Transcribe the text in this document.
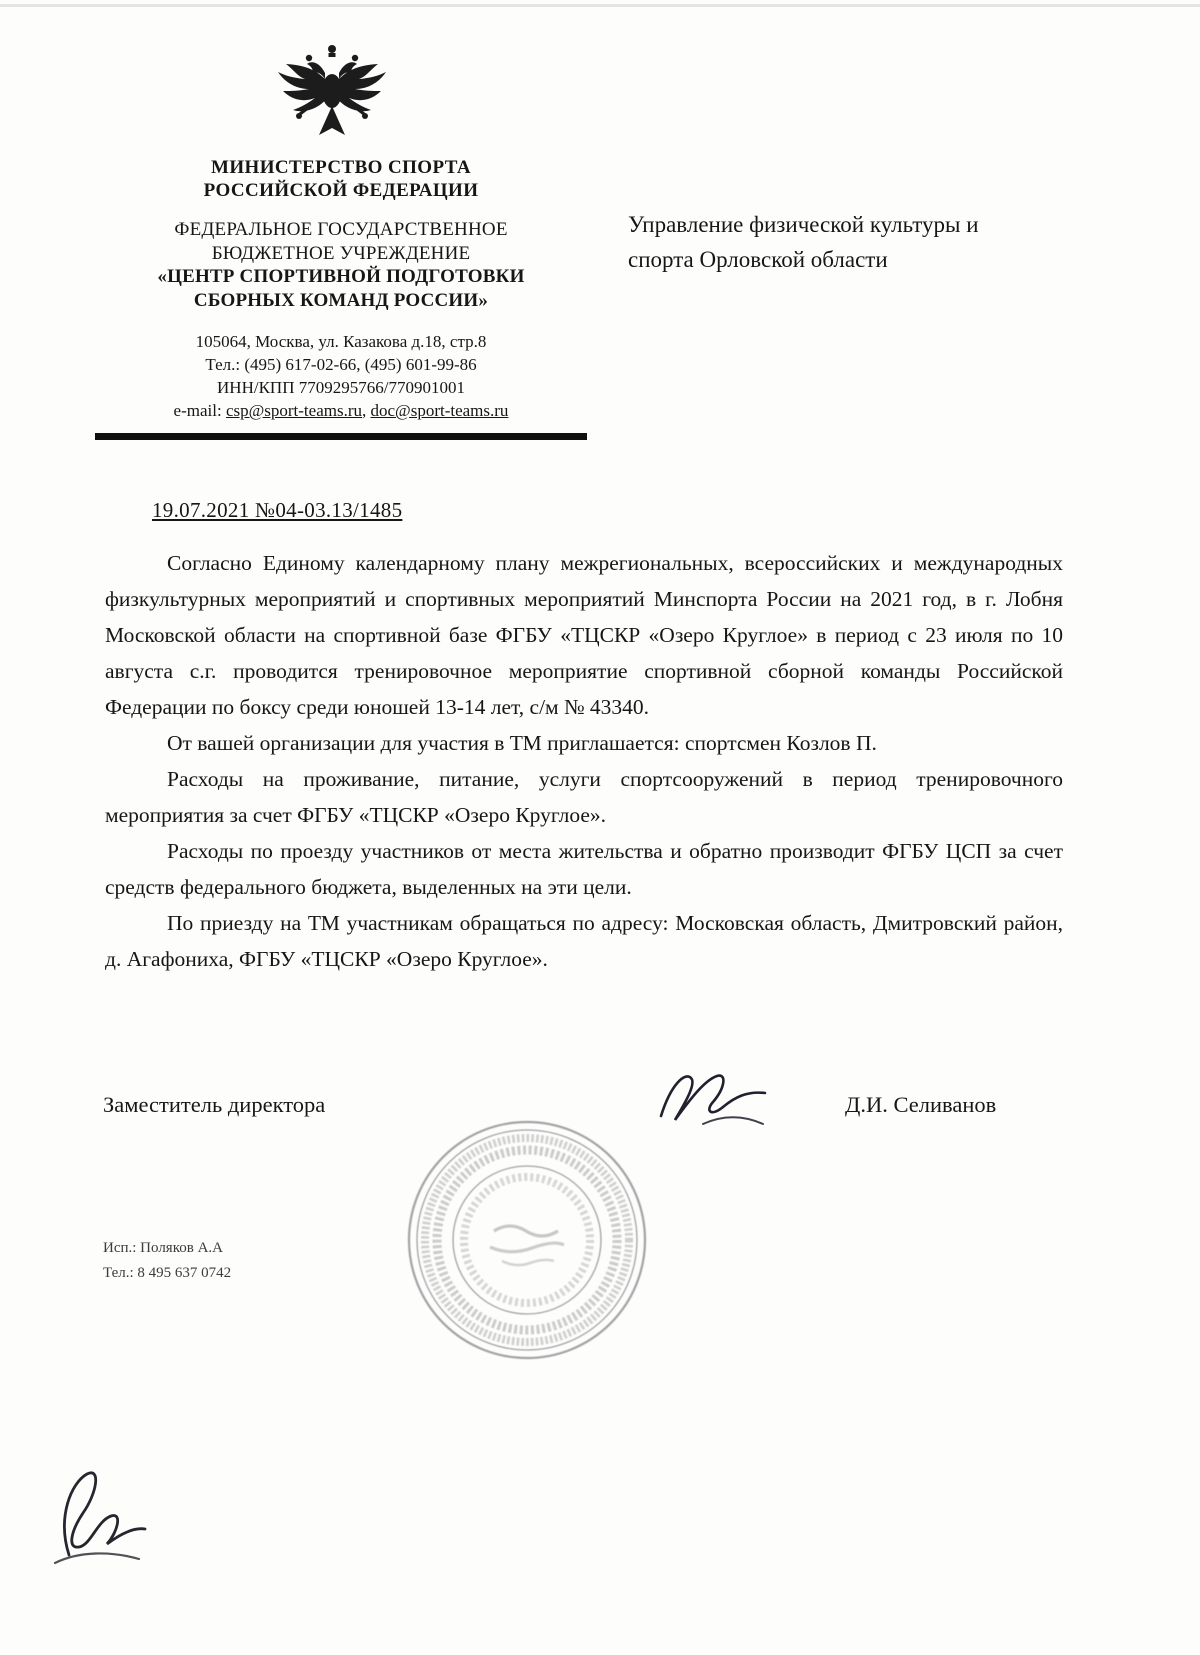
МИНИСТЕРСТВО СПОРТА
РОССИЙСКОЙ ФЕДЕРАЦИИ
ФЕДЕРАЛЬНОЕ ГОСУДАРСТВЕННОЕ
БЮДЖЕТНОЕ УЧРЕЖДЕНИЕ
«ЦЕНТР СПОРТИВНОЙ ПОДГОТОВКИ
СБОРНЫХ КОМАНД РОССИИ»
105064, Москва, ул. Казакова д.18, стр.8
Тел.: (495) 617-02-66, (495) 601-99-86
ИНН/КПП 7709295766/770901001
e-mail: csp@sport-teams.ru, doc@sport-teams.ru
Управление физической культуры и
спорта Орловской области
19.07.2021 №04-03.13/1485

Согласно Единому календарному плану межрегиональных, всероссийских и международных физкультурных мероприятий и спортивных мероприятий Минспорта России на 2021 год, в г. Лобня Московской области на спортивной базе ФГБУ «ТЦСКР «Озеро Круглое» в период с 23 июля по 10 августа с.г. проводится тренировочное мероприятие спортивной сборной команды Российской Федерации по боксу среди юношей 13-14 лет, с/м № 43340.

От вашей организации для участия в ТМ приглашается: спортсмен Козлов П.

Расходы на проживание, питание, услуги спортсооружений в период тренировочного мероприятия за счет ФГБУ «ТЦСКР «Озеро Круглое».

Расходы по проезду участников от места жительства и обратно производит ФГБУ ЦСП за счет средств федерального бюджета, выделенных на эти цели.

По приезду на ТМ участникам обращаться по адресу: Московская область, Дмитровский район, д. Агафониха, ФГБУ «ТЦСКР «Озеро Круглое».

Заместитель директора	Д.И. Селиванов
Исп.: Поляков А.А
Тел.: 8 495 637 0742
